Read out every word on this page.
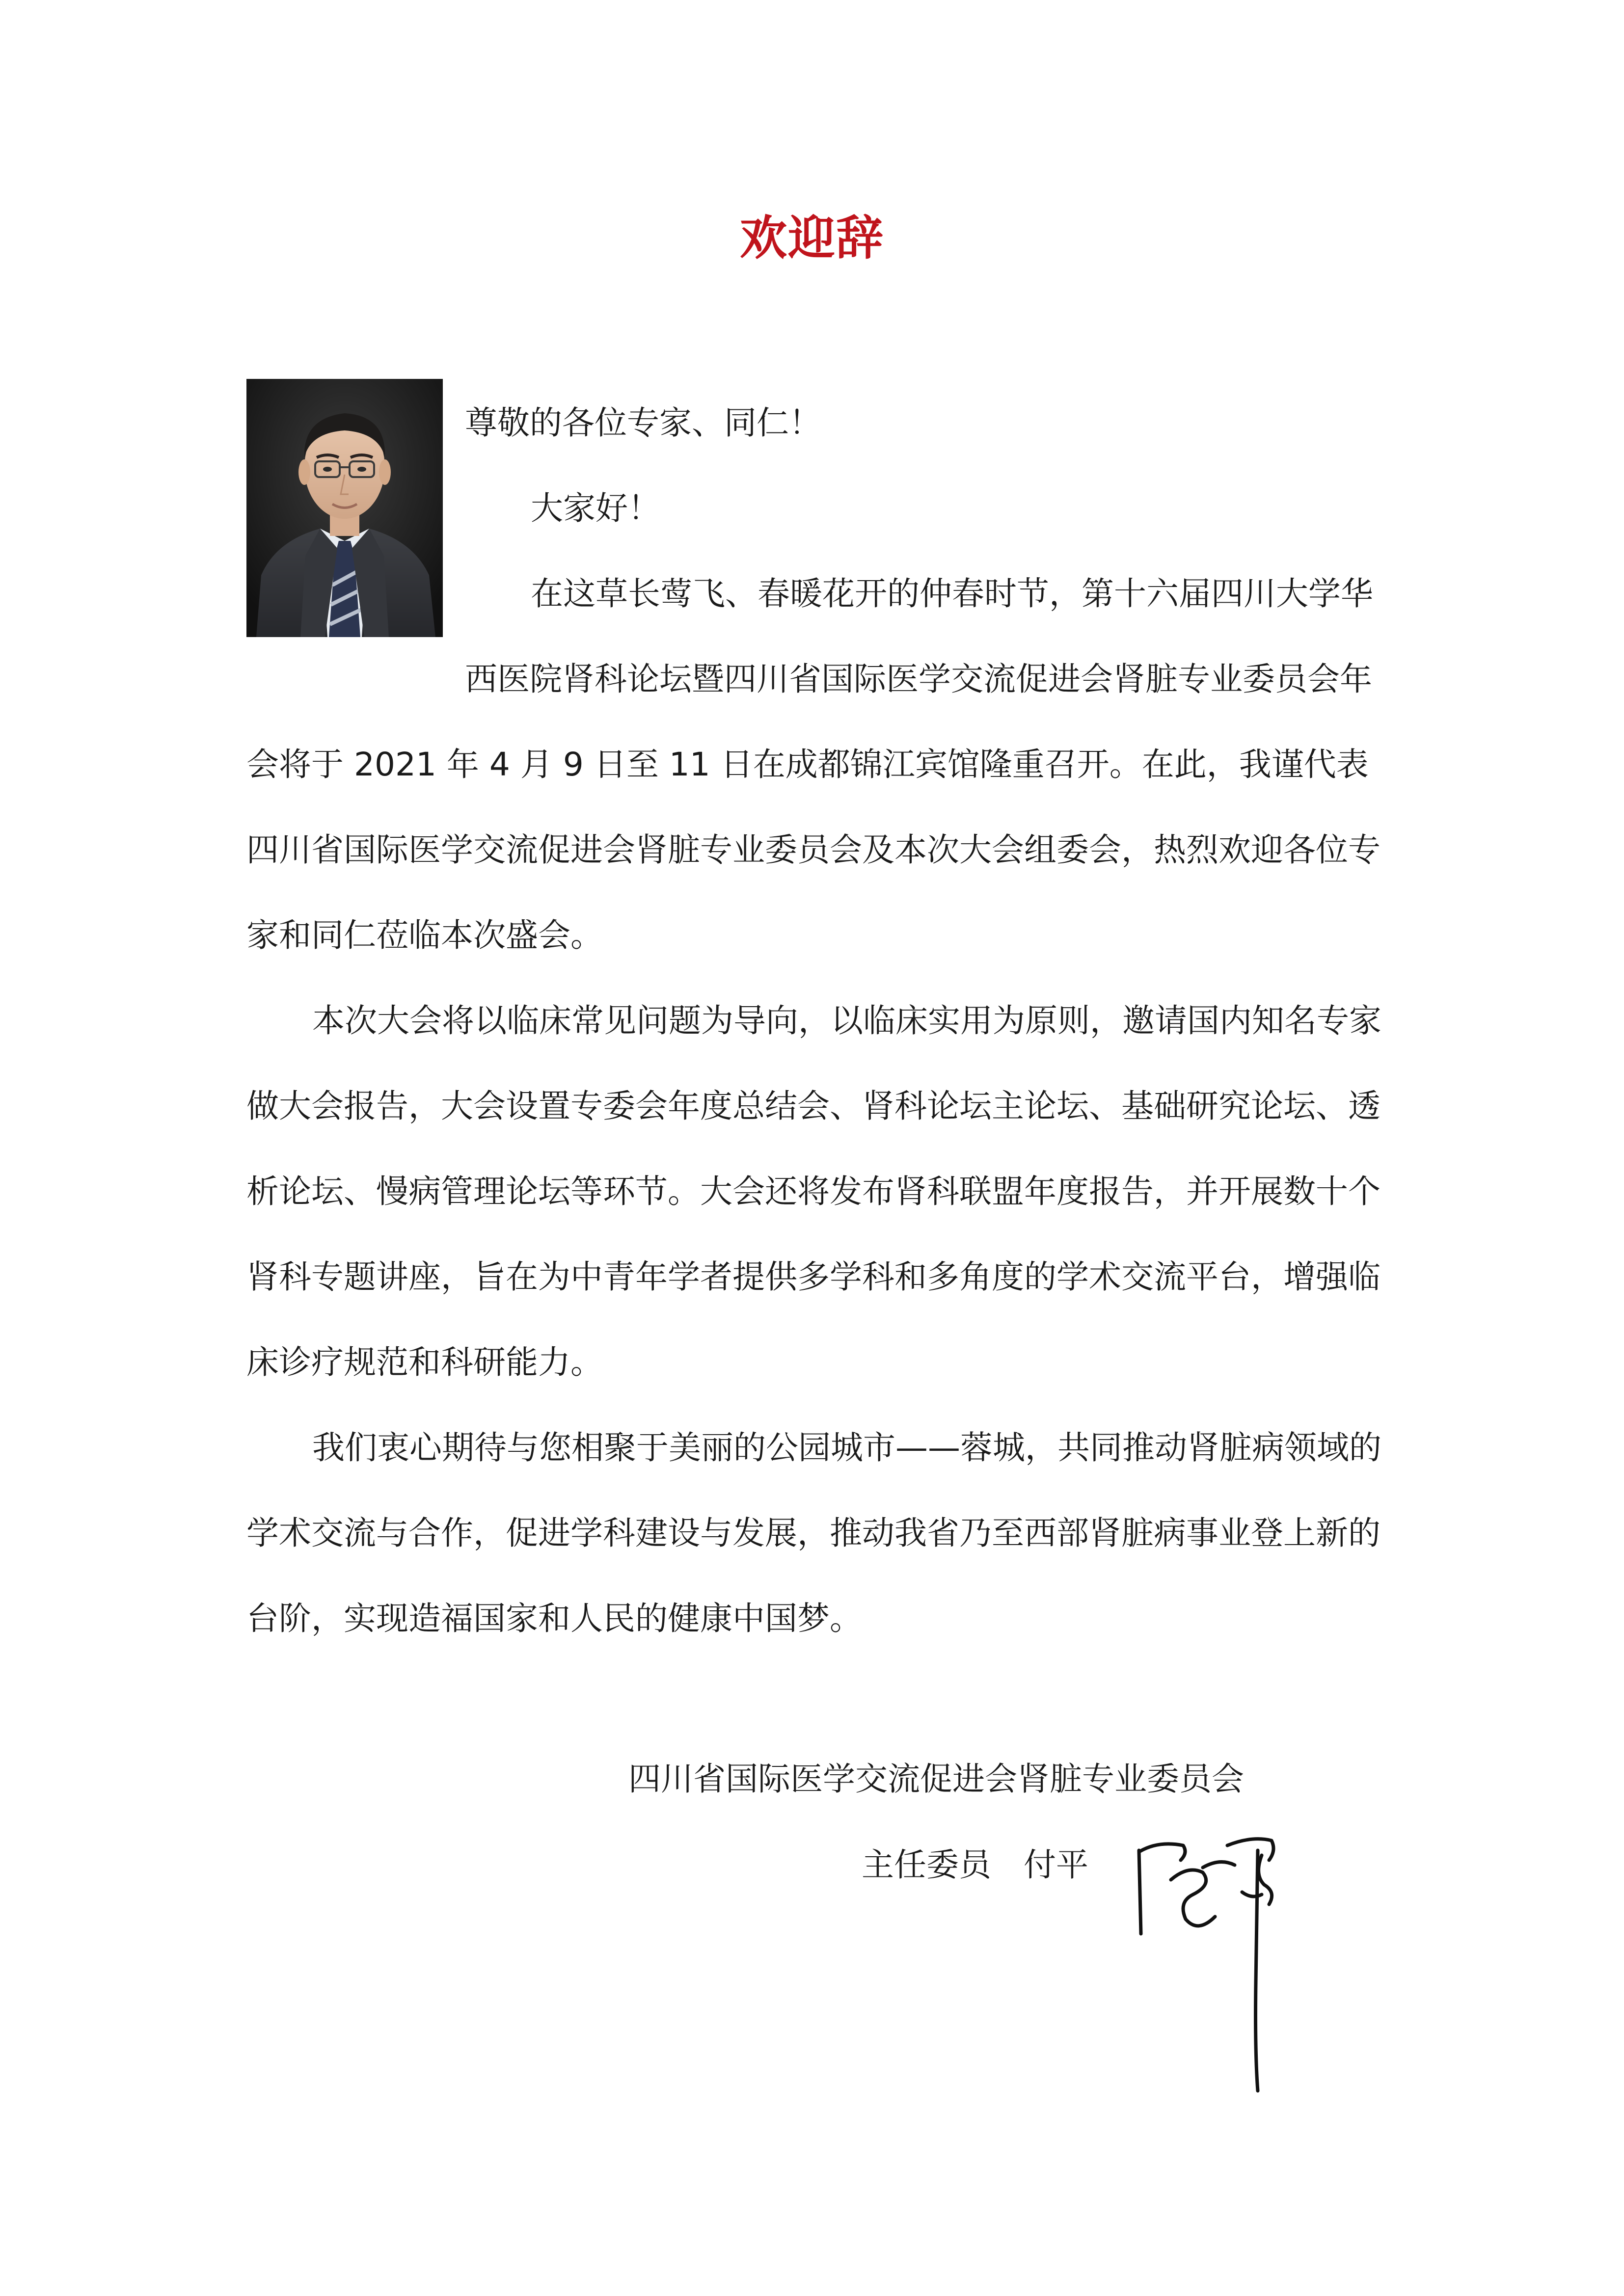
欢迎辞

尊敬的各位专家、同仁！

大家好！

在这草长莺飞、春暖花开的仲春时节，第十六届四川大学华西医院肾科论坛暨四川省国际医学交流促进会肾脏专业委员会年会将于 2021 年 4 月 9 日至 11 日在成都锦江宾馆隆重召开。在此，我谨代表四川省国际医学交流促进会肾脏专业委员会及本次大会组委会，热烈欢迎各位专家和同仁莅临本次盛会。

本次大会将以临床常见问题为导向，以临床实用为原则，邀请国内知名专家做大会报告，大会设置专委会年度总结会、肾科论坛主论坛、基础研究论坛、透析论坛、慢病管理论坛等环节。大会还将发布肾科联盟年度报告，并开展数十个肾科专题讲座，旨在为中青年学者提供多学科和多角度的学术交流平台，增强临床诊疗规范和科研能力。

我们衷心期待与您相聚于美丽的公园城市——蓉城，共同推动肾脏病领域的学术交流与合作，促进学科建设与发展，推动我省乃至西部肾脏病事业登上新的台阶，实现造福国家和人民的健康中国梦。

四川省国际医学交流促进会肾脏专业委员会

主任委员 付平
